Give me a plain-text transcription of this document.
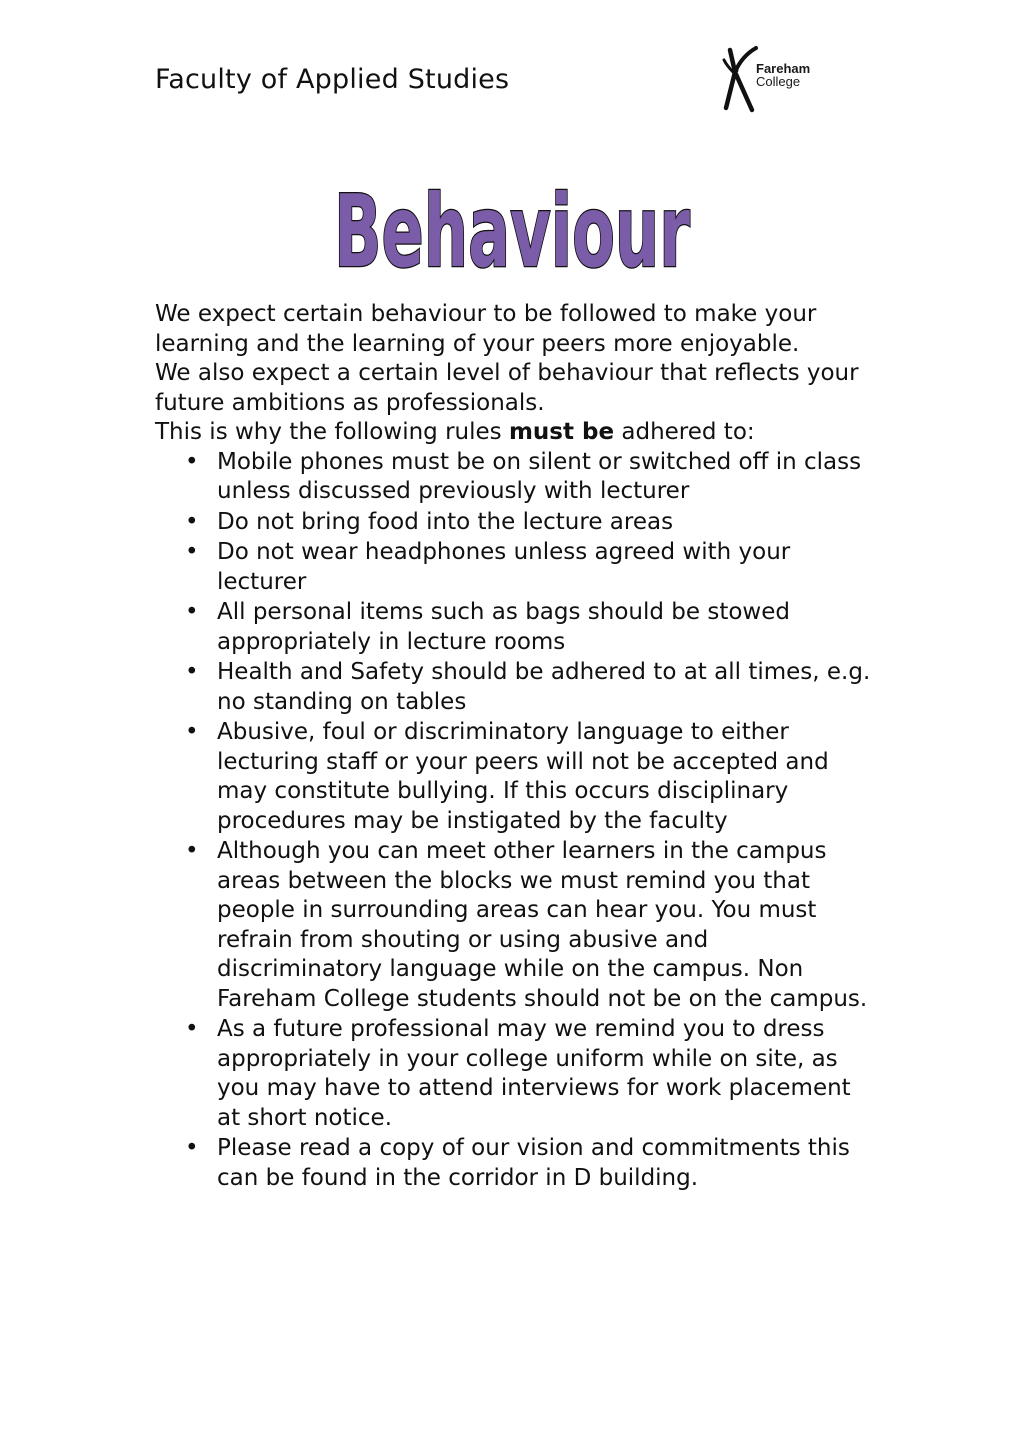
Faculty of Applied Studies	Fareham
College
Behaviour

We expect certain behaviour to be followed to make your learning and the learning of your peers more enjoyable.

We also expect a certain level of behaviour that reflects your future ambitions as professionals.

This is why the following rules must be adhered to:

• Mobile phones must be on silent or switched off in class unless discussed previously with lecturer
• Do not bring food into the lecture areas
• Do not wear headphones unless agreed with your lecturer
• All personal items such as bags should be stowed appropriately in lecture rooms
• Health and Safety should be adhered to at all times, e.g. no standing on tables
• Abusive, foul or discriminatory language to either lecturing staff or your peers will not be accepted and may constitute bullying. If this occurs disciplinary procedures may be instigated by the faculty
• Although you can meet other learners in the campus areas between the blocks we must remind you that people in surrounding areas can hear you. You must refrain from shouting or using abusive and discriminatory language while on the campus. Non Fareham College students should not be on the campus.
• As a future professional may we remind you to dress appropriately in your college uniform while on site, as you may have to attend interviews for work placement at short notice.
• Please read a copy of our vision and commitments this can be found in the corridor in D building.
